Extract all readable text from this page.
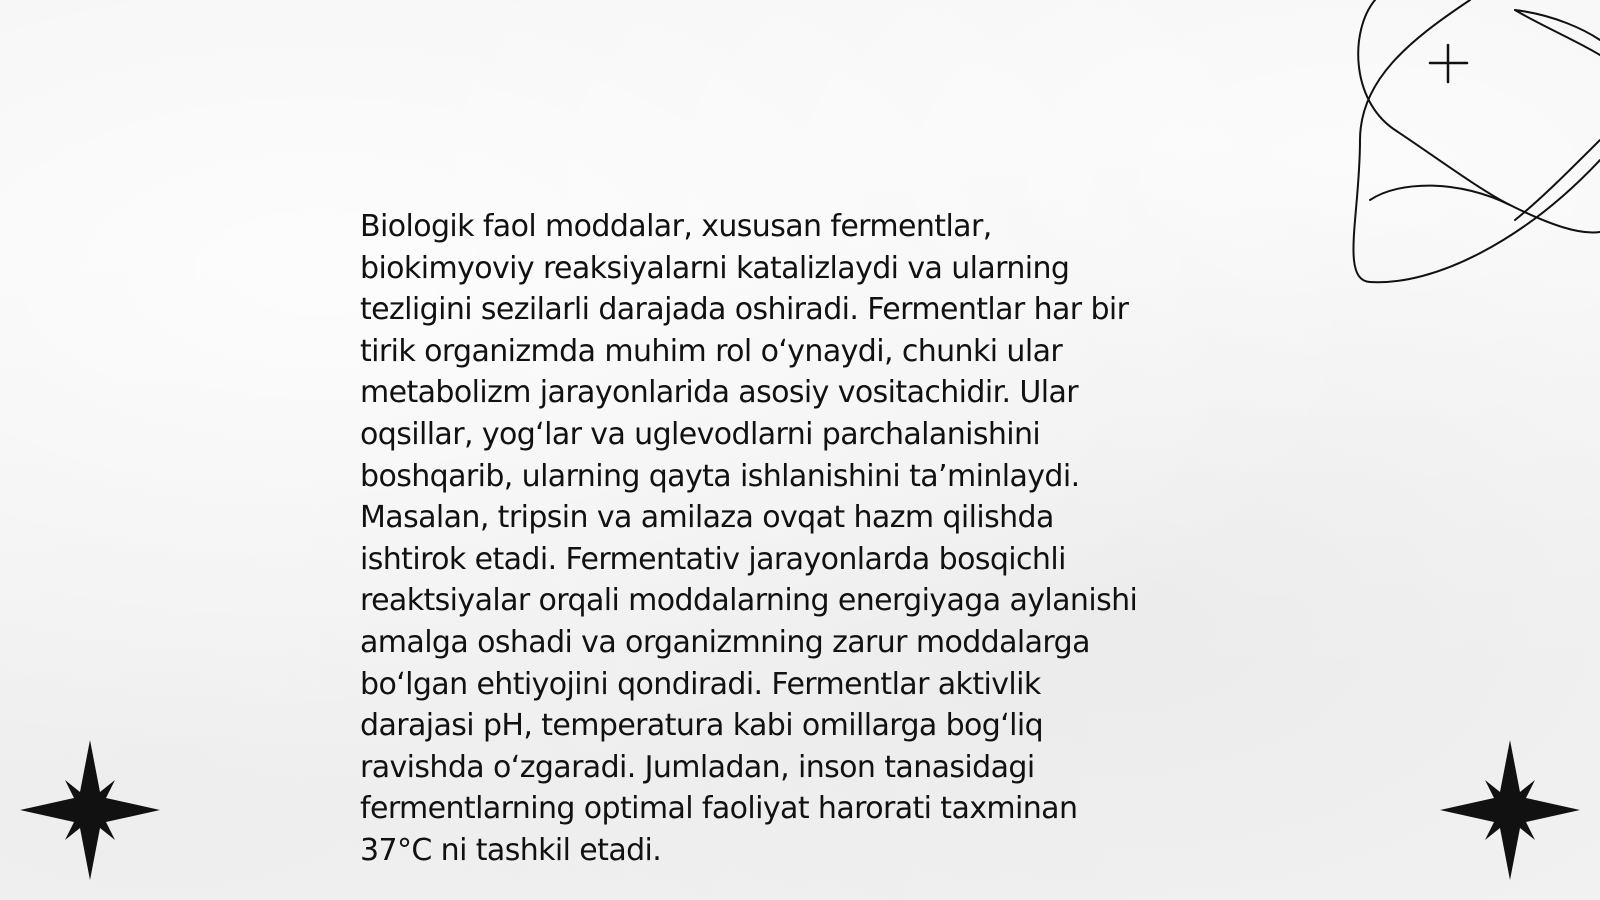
Biologik faol moddalar, xususan fermentlar,
biokimyoviy reaksiyalarni katalizlaydi va ularning
tezligini sezilarli darajada oshiradi. Fermentlar har bir
tirik organizmda muhim rol oʻynaydi, chunki ular
metabolizm jarayonlarida asosiy vositachidir. Ular
oqsillar, yogʻlar va uglevodlarni parchalanishini
boshqarib, ularning qayta ishlanishini taʼminlaydi.
Masalan, tripsin va amilaza ovqat hazm qilishda
ishtirok etadi. Fermentativ jarayonlarda bosqichli
reaktsiyalar orqali moddalarning energiyaga aylanishi
amalga oshadi va organizmning zarur moddalarga
boʻlgan ehtiyojini qondiradi. Fermentlar aktivlik
darajasi pH, temperatura kabi omillarga bogʻliq
ravishda oʻzgaradi. Jumladan, inson tanasidagi
fermentlarning optimal faoliyat harorati taxminan
37°C ni tashkil etadi.
